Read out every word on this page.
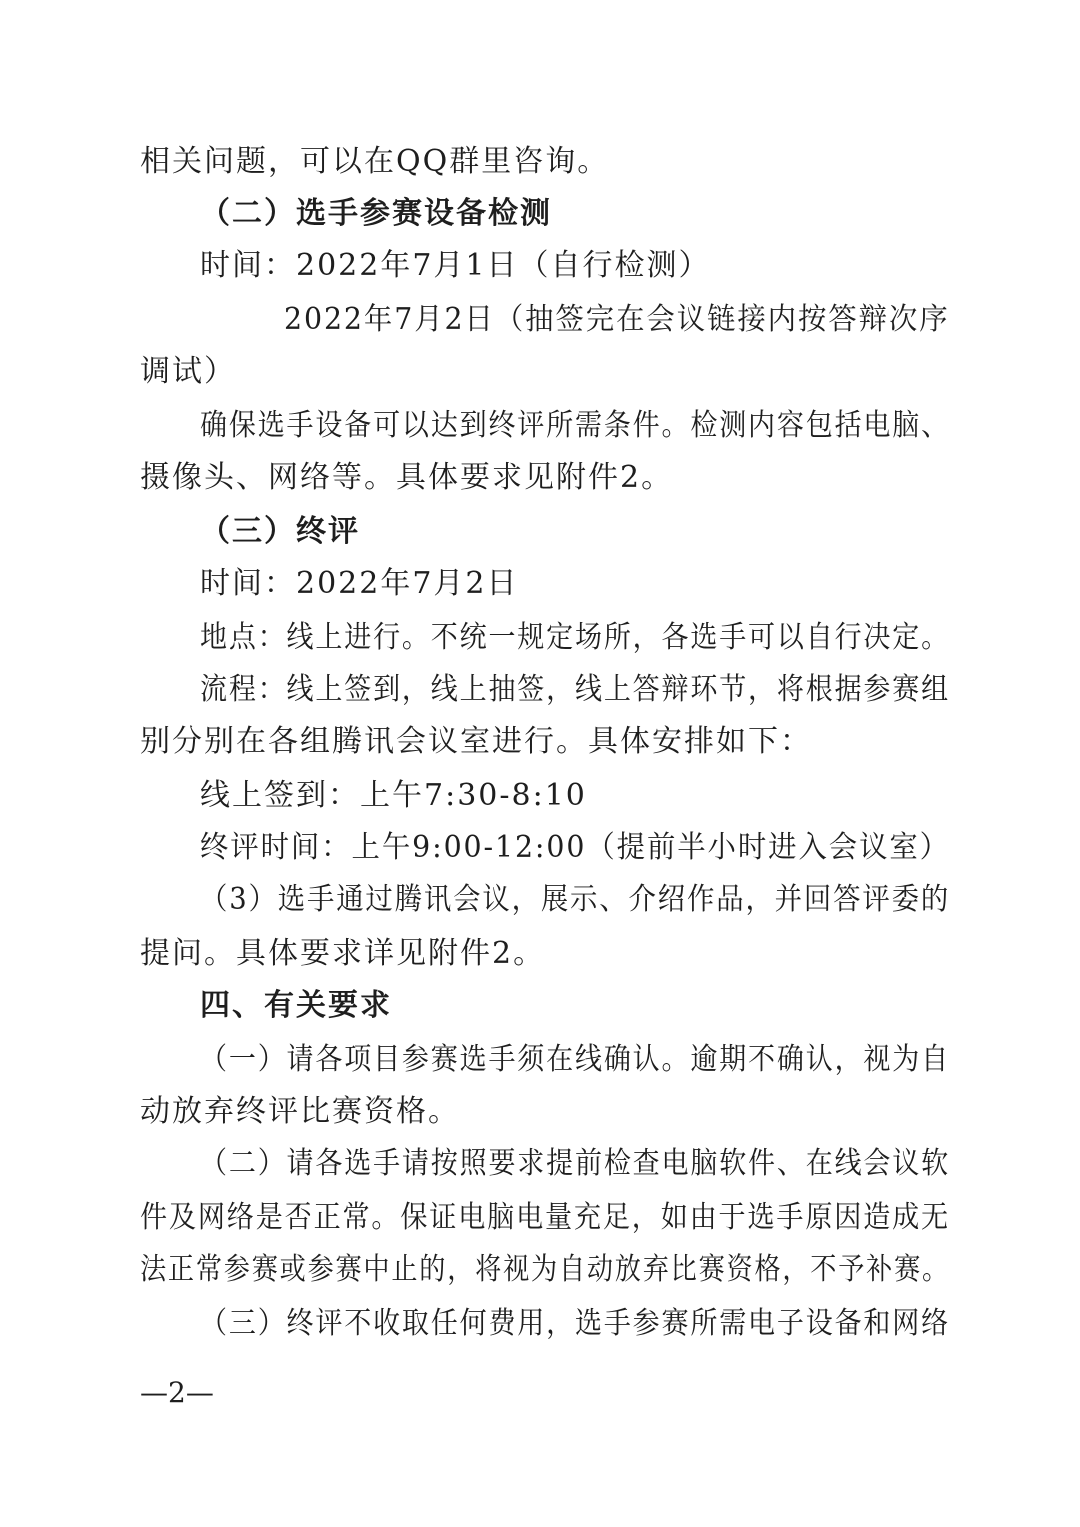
相关问题，可以在QQ群里咨询。
（二）选手参赛设备检测
时间：2022年7月1日（自行检测）
2022年7月2日（抽签完在会议链接内按答辩次序
调试）
确保选手设备可以达到终评所需条件。检测内容包括电脑、
摄像头、网络等。具体要求见附件2。
（三）终评
时间：2022年7月2日
地点：线上进行。不统一规定场所，各选手可以自行决定。
流程：线上签到，线上抽签，线上答辩环节，将根据参赛组
别分别在各组腾讯会议室进行。具体安排如下：
线上签到：上午7:30-8:10
终评时间：上午9:00-12:00（提前半小时进入会议室）
（3）选手通过腾讯会议，展示、介绍作品，并回答评委的
提问。具体要求详见附件2。
四、有关要求
（一）请各项目参赛选手须在线确认。逾期不确认，视为自
动放弃终评比赛资格。
（二）请各选手请按照要求提前检查电脑软件、在线会议软
件及网络是否正常。保证电脑电量充足，如由于选手原因造成无
法正常参赛或参赛中止的，将视为自动放弃比赛资格，不予补赛。
（三）终评不收取任何费用，选手参赛所需电子设备和网络
—2—
